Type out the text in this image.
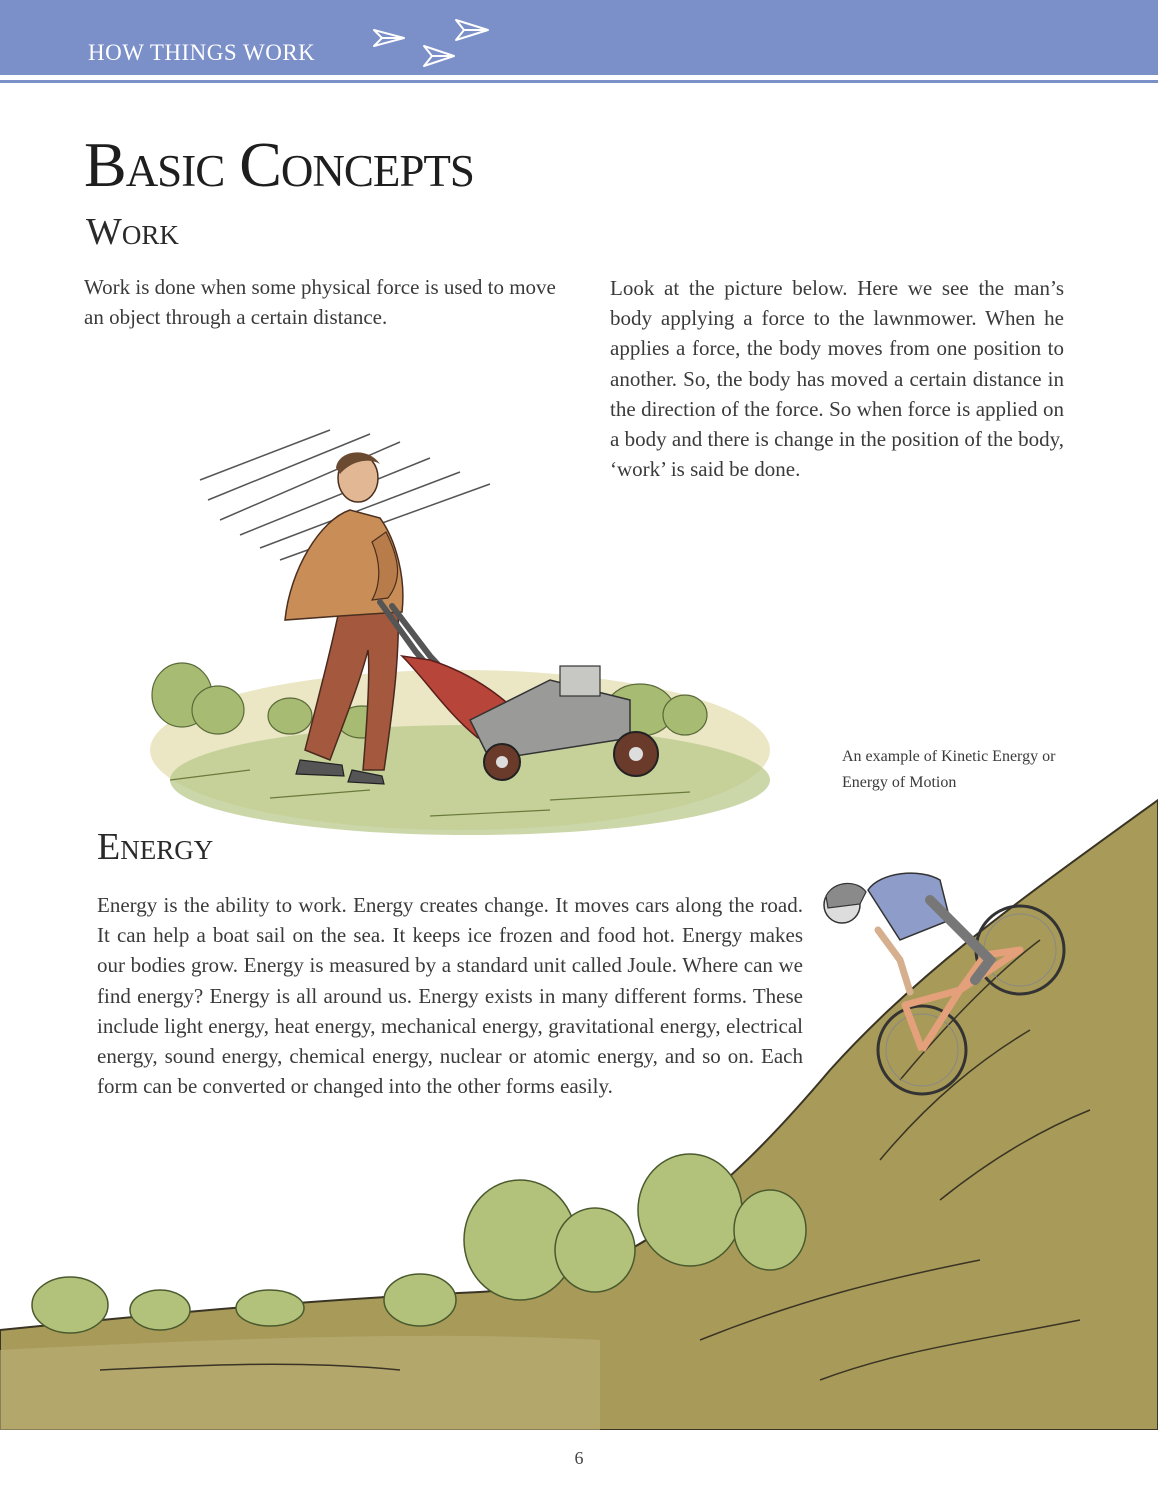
HOW THINGS WORK
Basic Concepts
Work

Work is done when some physical force is used to move an object through a certain distance.

Look at the picture below. Here we see the man’s body applying a force to the lawnmower. When he applies a force, the body moves from one position to another. So, the body has moved a certain distance in the direction of the force. So when force is applied on a body and there is change in the position of the body, ‘work’ is said be done.

An example of Kinetic Energy or Energy of Motion
Energy

Energy is the ability to work. Energy creates change. It moves cars along the road. It can help a boat sail on the sea. It keeps ice frozen and food hot. Energy makes our bodies grow. Energy is measured by a standard unit called Joule. Where can we find energy? Energy is all around us. Energy exists in many different forms. These include light energy, heat energy, mechanical energy, gravitational energy, electrical energy, sound energy, chemical energy, nuclear or atomic energy, and so on. Each form can be converted or changed into the other forms easily.

6
